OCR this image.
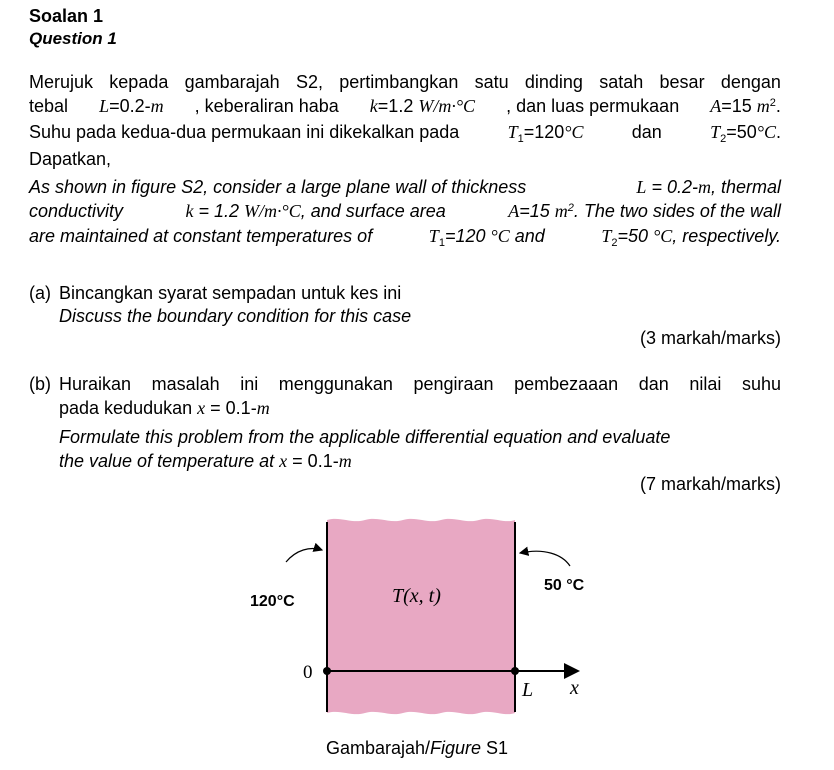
Soalan 1
Question 1
Merujuk kepada gambarajah S2, pertimbangkan satu dinding satah besar dengan
tebal L=0.2-m , keberaliran haba k=1.2 W/m·°C , dan luas permukaan A=15 $m^2$.
Suhu pada kedua-dua permukaan ini dikekalkan pada	$T_1=120^\circ C$	dan	$T_2=50^\circ C$.
Dapatkan,
As shown in figure S2, consider a large plane wall of thickness	L = 0.2-m, thermal
conductivity	k = 1.2 W/m·°C, and surface area	A=15 $m^2$. The two sides of the wall
are maintained at constant temperatures of	$T_1=120$ °C and	$T_2=50$ °C, respectively.
(a) Bincangkan syarat sempadan untuk kes ini
Discuss the boundary condition for this case
(3 markah/marks)
(b) Huraikan masalah ini menggunakan pengiraan pembezaaan dan nilai suhu
pada kedudukan x = 0.1-m
Formulate this problem from the applicable differential equation and evaluate
the value of temperature at x = 0.1-m
(7 markah/marks)
120°C
50 °C
T(x, t)
0
L x
Gambarajah/Figure S1
